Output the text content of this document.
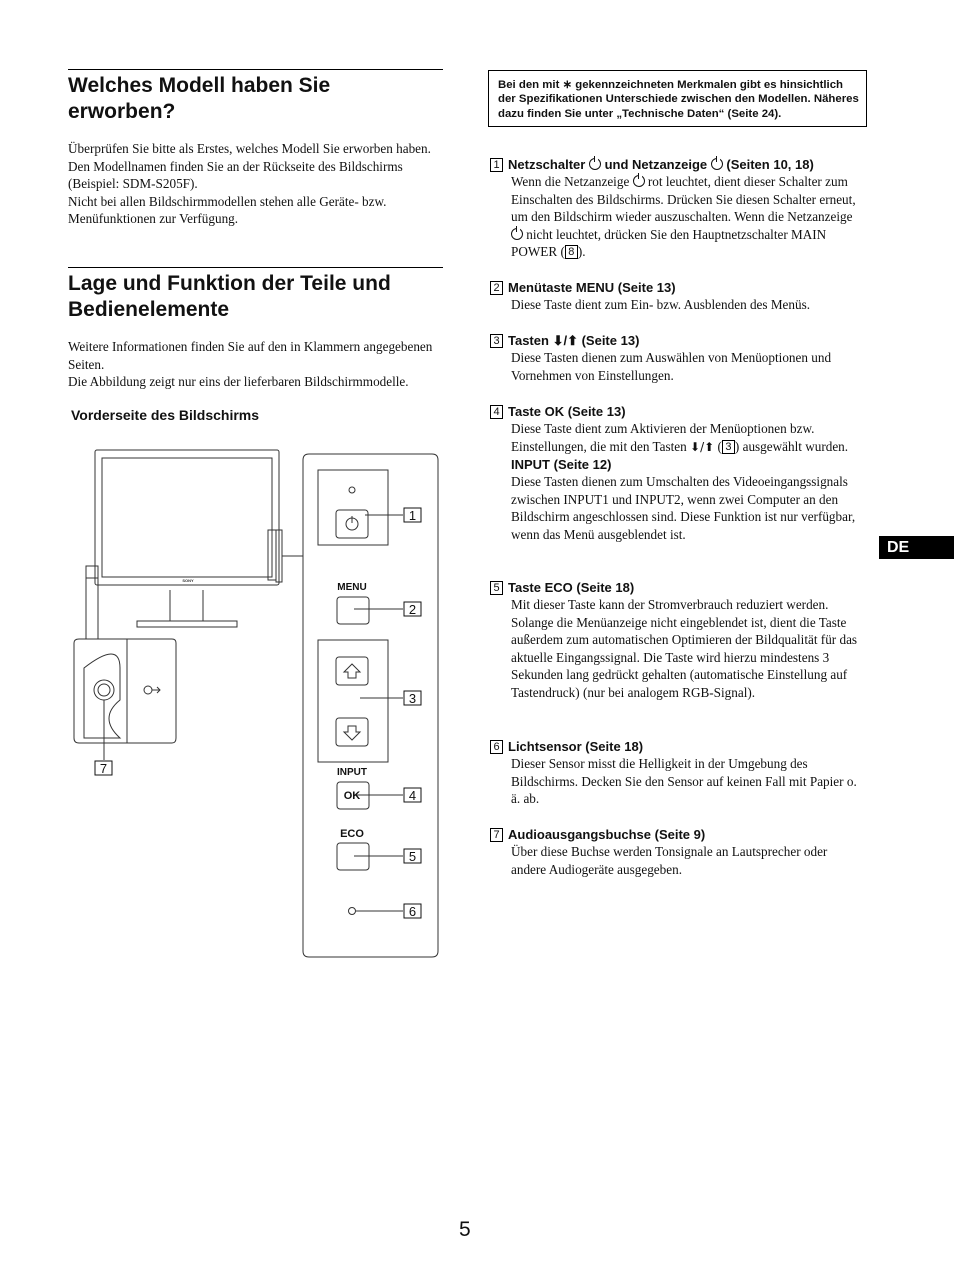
Welches Modell haben Sie erworben?
Überprüfen Sie bitte als Erstes, welches Modell Sie erworben haben.
Den Modellnamen finden Sie an der Rückseite des Bildschirms (Beispiel: SDM-S205F).
Nicht bei allen Bildschirmmodellen stehen alle Geräte- bzw. Menüfunktionen zur Verfügung.
Lage und Funktion der Teile und Bedienelemente
Weitere Informationen finden Sie auf den in Klammern angegebenen Seiten.
Die Abbildung zeigt nur eins der lieferbaren Bildschirmmodelle.
Vorderseite des Bildschirms
SONY
MENU
INPUT
OK
ECO
1
2
3
4
5
6
7
Bei den mit ∗ gekennzeichneten Merkmalen gibt es hinsichtlich der Spezifikationen Unterschiede zwischen den Modellen. Näheres dazu finden Sie unter „Technische Daten“ (Seite 24).

1 Netzschalter und Netzanzeige (Seiten 10, 18)

Wenn die Netzanzeige rot leuchtet, dient dieser Schalter zum Einschalten des Bildschirms. Drücken Sie diesen Schalter erneut, um den Bildschirm wieder auszuschalten. Wenn die Netzanzeige  nicht leuchtet, drücken Sie den Hauptnetzschalter MAIN POWER ( 8 ).

2 Menütaste MENU (Seite 13)

Diese Taste dient zum Ein- bzw. Ausblenden des Menüs.

3 Tasten ⬇/⬆ (Seite 13)

Diese Tasten dienen zum Auswählen von Menüoptionen und Vornehmen von Einstellungen.

4 Taste OK (Seite 13)

Diese Taste dient zum Aktivieren der Menüoptionen bzw. Einstellungen, die mit den Tasten ⬇/⬆ ( 3 ) ausgewählt wurden.

INPUT (Seite 12)

Diese Tasten dienen zum Umschalten des Videoeingangssignals zwischen INPUT1 und INPUT2, wenn zwei Computer an den Bildschirm angeschlossen sind. Diese Funktion ist nur verfügbar, wenn das Menü ausgeblendet ist.

5 Taste ECO (Seite 18)

Mit dieser Taste kann der Stromverbrauch reduziert werden. Solange die Menüanzeige nicht eingeblendet ist, dient die Taste außerdem zum automatischen Optimieren der Bildqualität für das aktuelle Eingangssignal. Die Taste wird hierzu mindestens 3 Sekunden lang gedrückt gehalten (automatische Einstellung auf Tastendruck) (nur bei analogem RGB-Signal).

6 Lichtsensor (Seite 18)

Dieser Sensor misst die Helligkeit in der Umgebung des Bildschirms. Decken Sie den Sensor auf keinen Fall mit Papier o. ä. ab.

7 Audioausgangsbuchse (Seite 9)

Über diese Buchse werden Tonsignale an Lautsprecher oder andere Audiogeräte ausgegeben.

DE
5
